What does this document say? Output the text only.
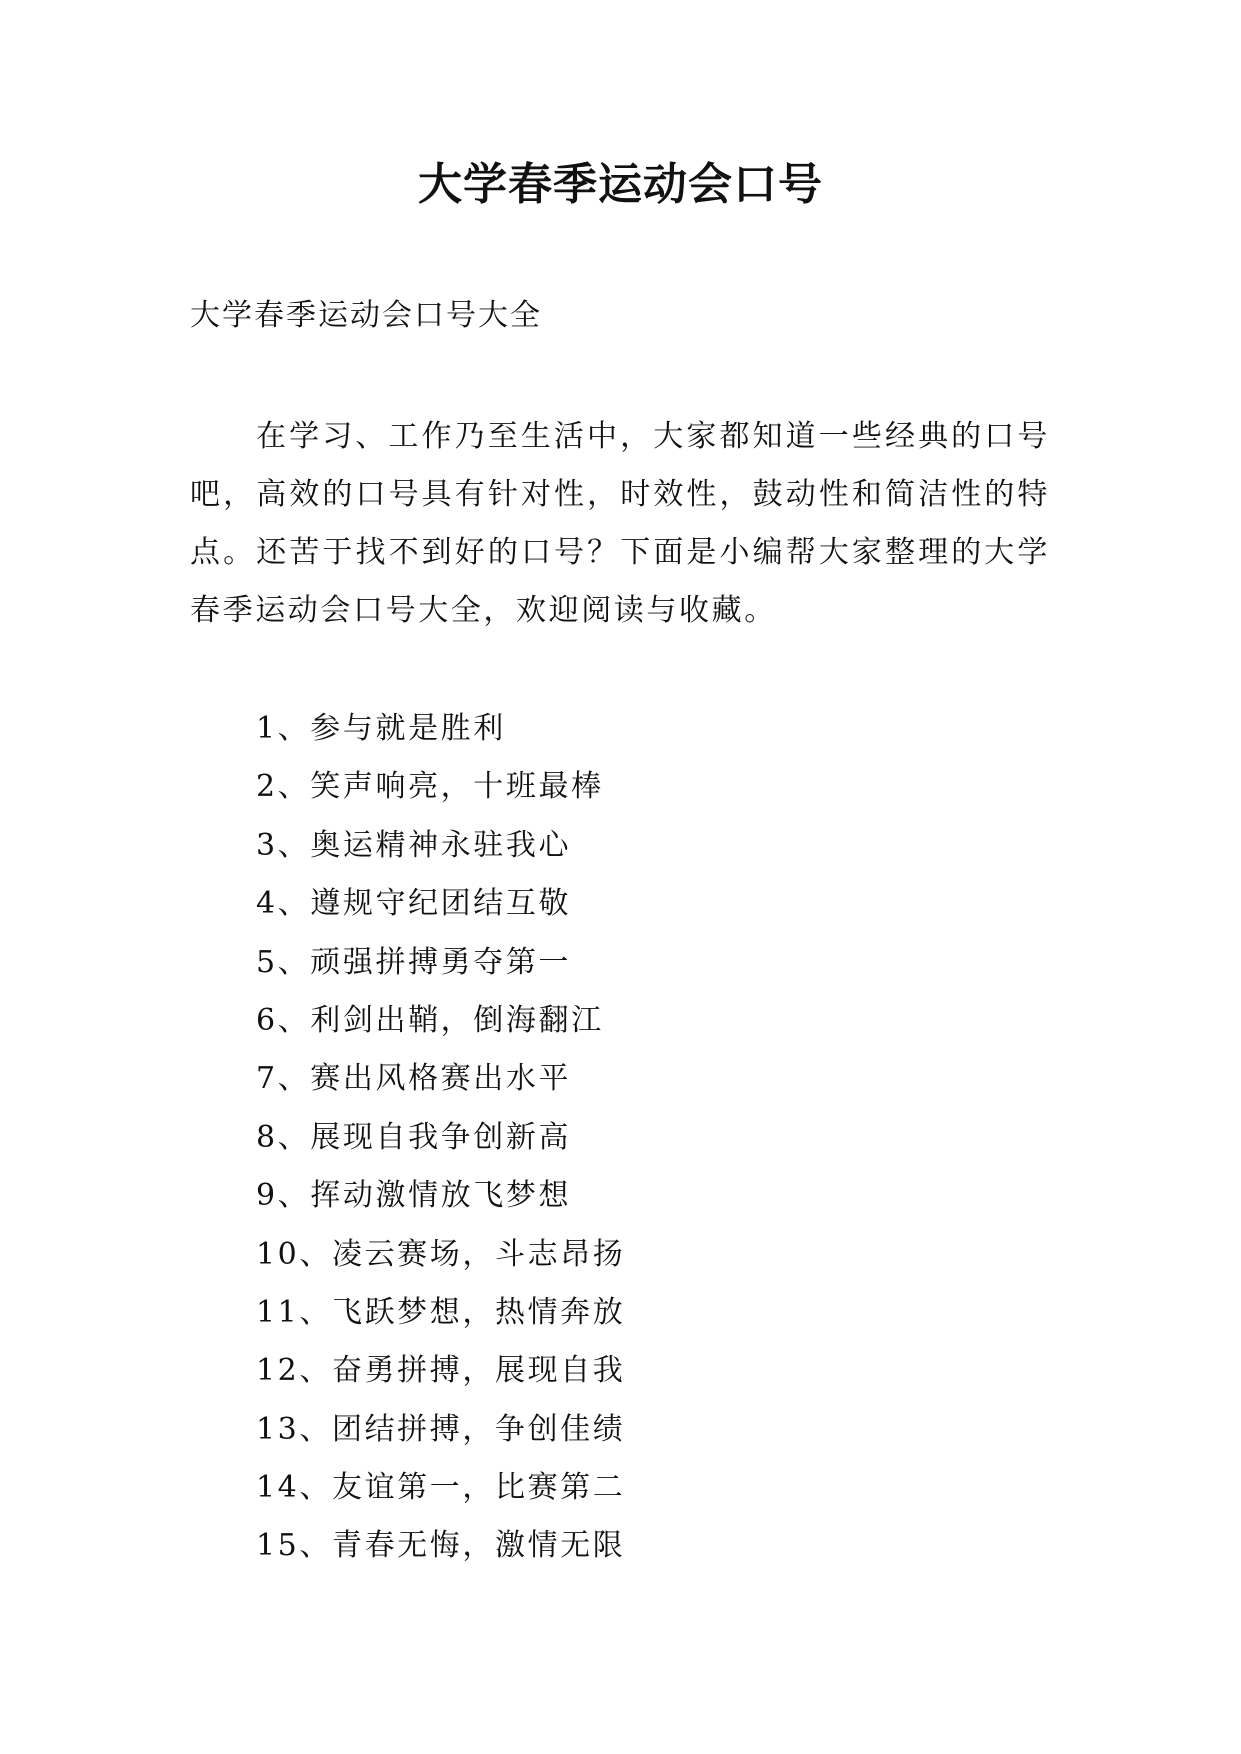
大学春季运动会口号

大学春季运动会口号大全

在学习、工作乃至生活中，大家都知道一些经典的口号吧，高效的口号具有针对性，时效性，鼓动性和简洁性的特点。还苦于找不到好的口号？下面是小编帮大家整理的大学春季运动会口号大全，欢迎阅读与收藏。

1、参与就是胜利
2、笑声响亮，十班最棒
3、奥运精神永驻我心
4、遵规守纪团结互敬
5、顽强拼搏勇夺第一
6、利剑出鞘，倒海翻江
7、赛出风格赛出水平
8、展现自我争创新高
9、挥动激情放飞梦想
10、凌云赛场，斗志昂扬
11、飞跃梦想，热情奔放
12、奋勇拼搏，展现自我
13、团结拼搏，争创佳绩
14、友谊第一，比赛第二
15、青春无悔，激情无限
